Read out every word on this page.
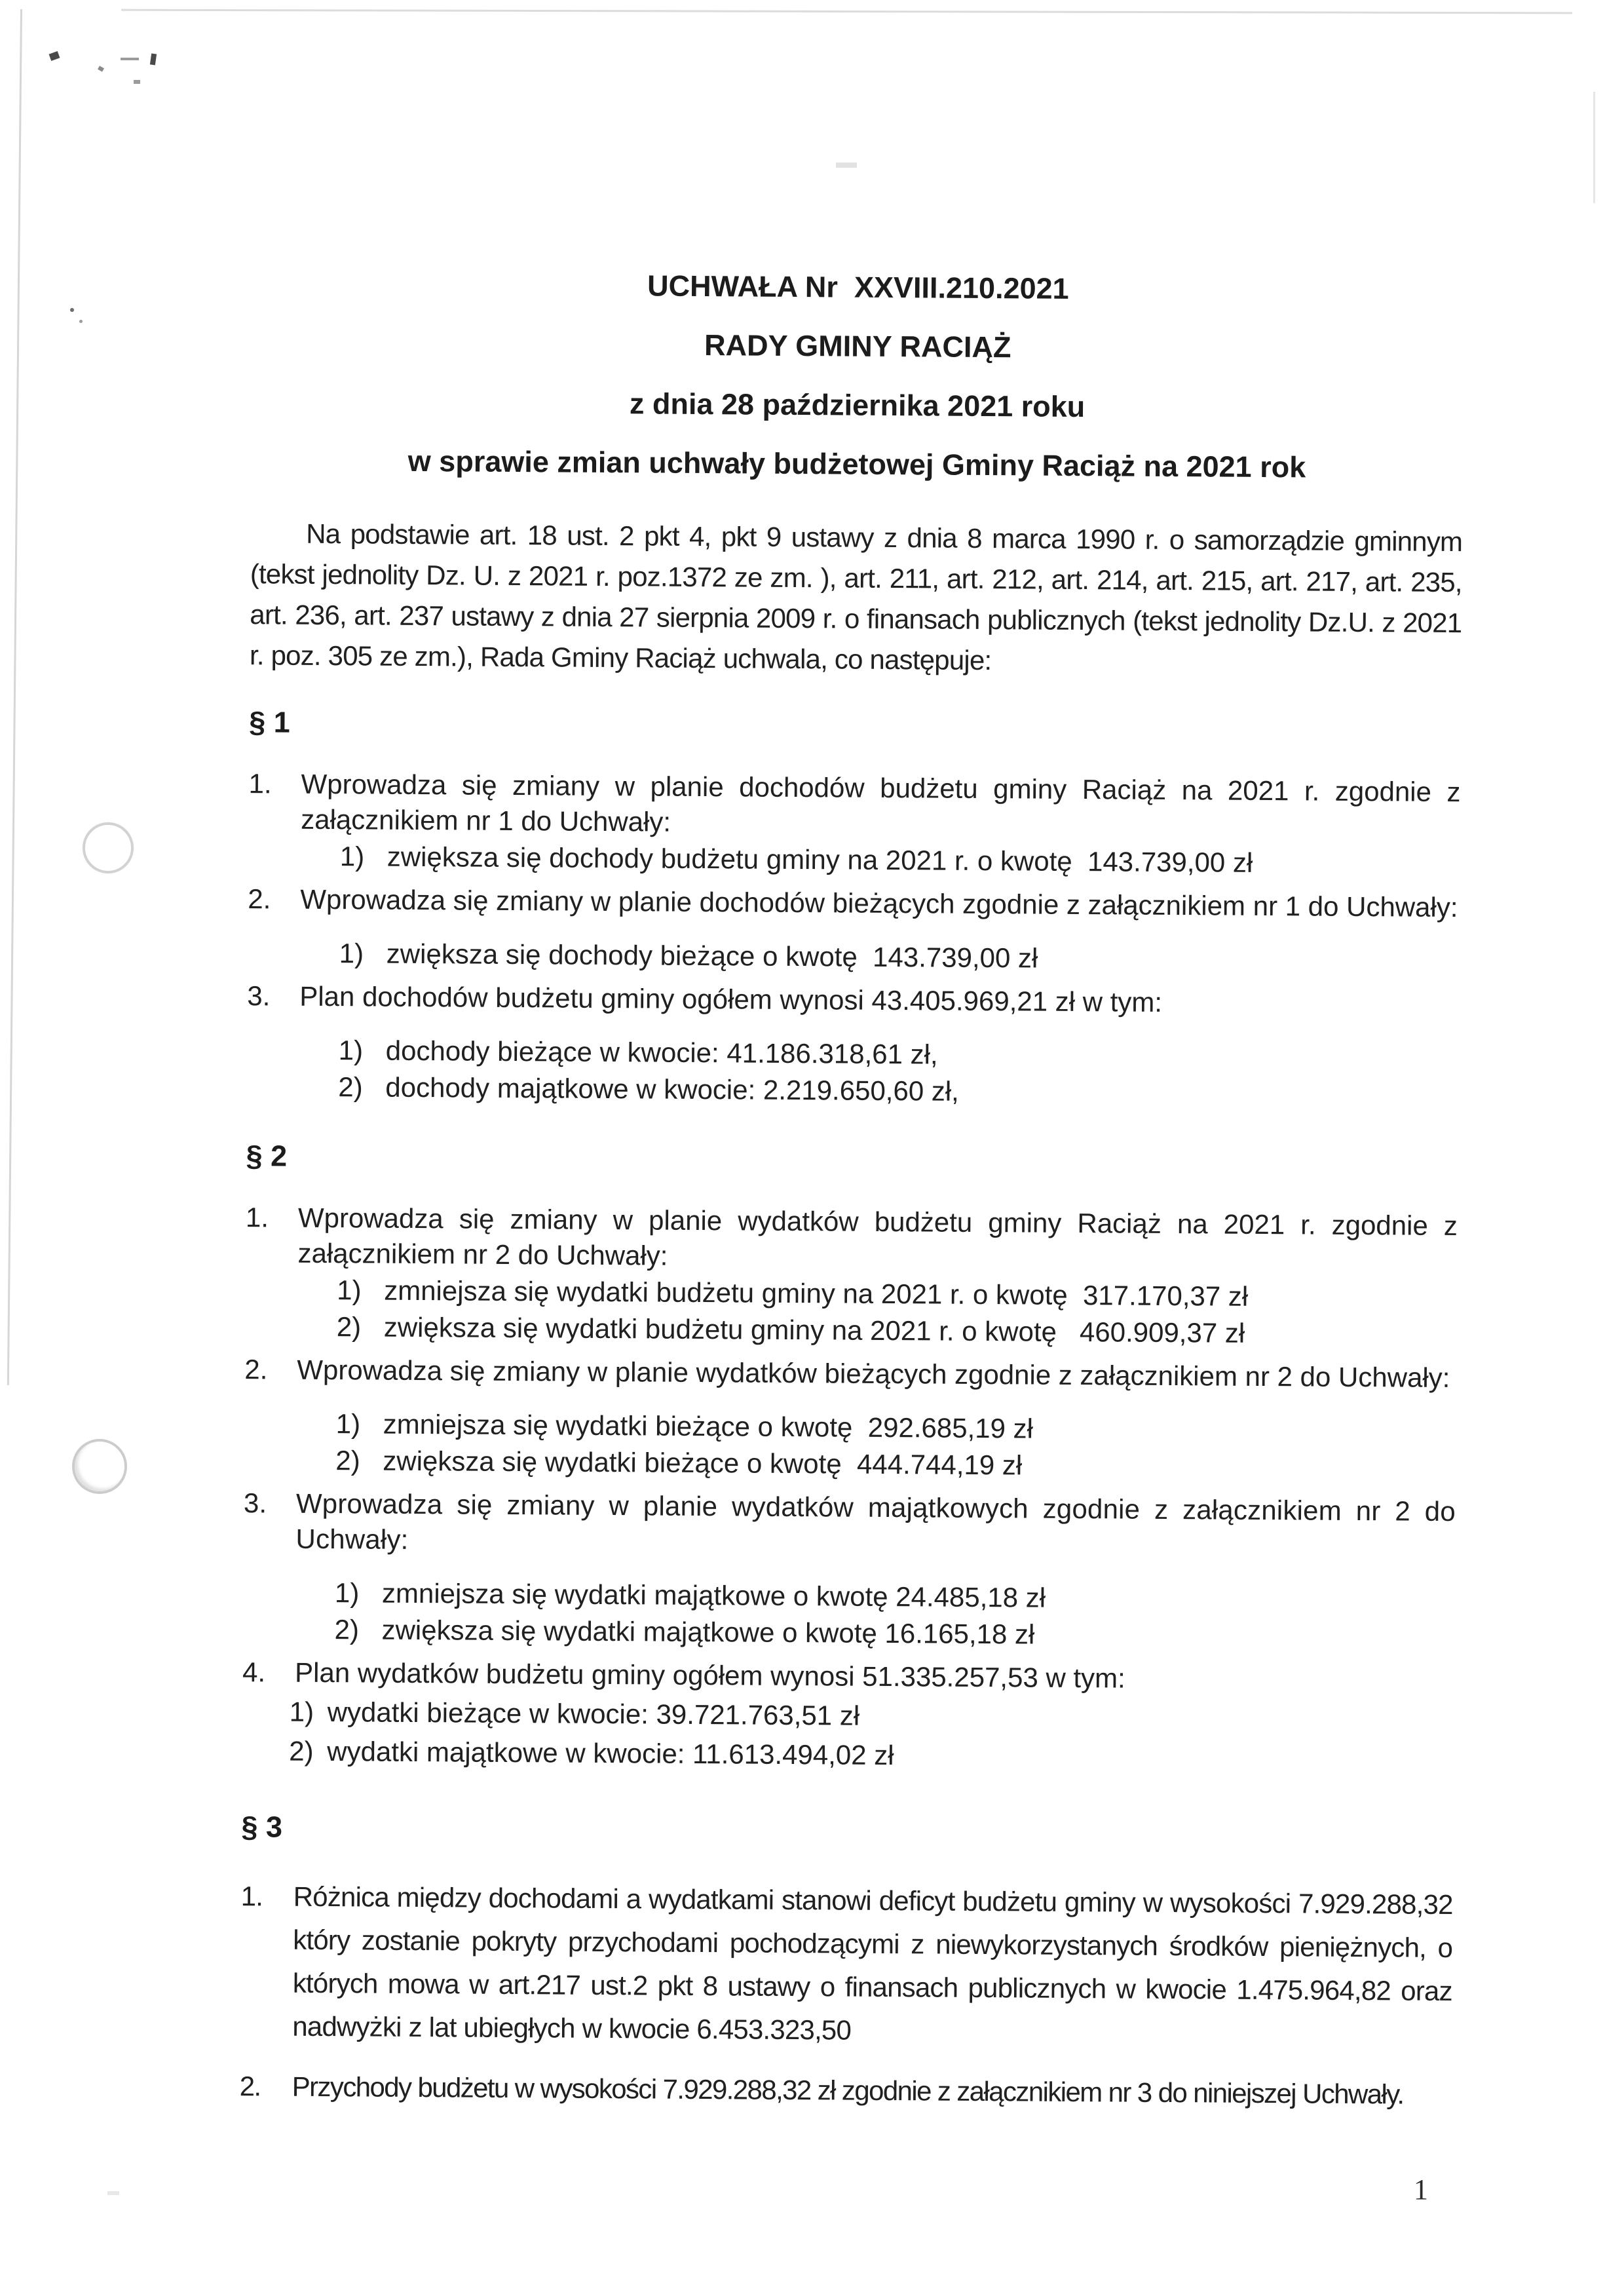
UCHWAŁA Nr  XXVIII.210.2021
RADY GMINY RACIĄŻ
z dnia 28 października 2021 roku
w sprawie zmian uchwały budżetowej Gminy Raciąż na 2021 rok
Na podstawie art. 18 ust. 2 pkt 4, pkt 9 ustawy z dnia 8 marca 1990 r. o samorządzie gminnym (tekst jednolity Dz. U. z 2021 r. poz.1372 ze zm. ), art. 211, art. 212, art. 214, art. 215, art. 217, art. 235, art. 236, art. 237 ustawy z dnia 27 sierpnia 2009 r. o finansach publicznych (tekst jednolity Dz.U. z 2021 r. poz. 305 ze zm.), Rada Gminy Raciąż uchwala, co następuje:
§ 1
1. Wprowadza się zmiany w planie dochodów budżetu gminy Raciąż na 2021 r. zgodnie z załącznikiem nr 1 do Uchwały:
1) zwiększa się dochody budżetu gminy na 2021 r. o kwotę  143.739,00 zł
2. Wprowadza się zmiany w planie dochodów bieżących zgodnie z załącznikiem nr 1 do Uchwały:
1) zwiększa się dochody bieżące o kwotę  143.739,00 zł
3. Plan dochodów budżetu gminy ogółem wynosi 43.405.969,21 zł w tym:
1) dochody bieżące w kwocie: 41.186.318,61 zł,
2) dochody majątkowe w kwocie: 2.219.650,60 zł,
§ 2
1. Wprowadza się zmiany w planie wydatków budżetu gminy Raciąż na 2021 r. zgodnie z załącznikiem nr 2 do Uchwały:
1) zmniejsza się wydatki budżetu gminy na 2021 r. o kwotę  317.170,37 zł
2) zwiększa się wydatki budżetu gminy na 2021 r. o kwotę   460.909,37 zł
2. Wprowadza się zmiany w planie wydatków bieżących zgodnie z załącznikiem nr 2 do Uchwały:
1) zmniejsza się wydatki bieżące o kwotę  292.685,19 zł
2) zwiększa się wydatki bieżące o kwotę  444.744,19 zł
3. Wprowadza się zmiany w planie wydatków majątkowych zgodnie z załącznikiem nr 2 do Uchwały:
1) zmniejsza się wydatki majątkowe o kwotę 24.485,18 zł
2) zwiększa się wydatki majątkowe o kwotę 16.165,18 zł
4. Plan wydatków budżetu gminy ogółem wynosi 51.335.257,53 w tym:
1) wydatki bieżące w kwocie: 39.721.763,51 zł
2) wydatki majątkowe w kwocie: 11.613.494,02 zł
§ 3
1. Różnica między dochodami a wydatkami stanowi deficyt budżetu gminy w wysokości 7.929.288,32 który zostanie pokryty przychodami pochodzącymi z niewykorzystanych środków pieniężnych, o których mowa w art.217 ust.2 pkt 8 ustawy o finansach publicznych w kwocie 1.475.964,82 oraz nadwyżki z lat ubiegłych w kwocie 6.453.323,50
2. Przychody budżetu w wysokości 7.929.288,32 zł zgodnie z załącznikiem nr 3 do niniejszej Uchwały.
1
